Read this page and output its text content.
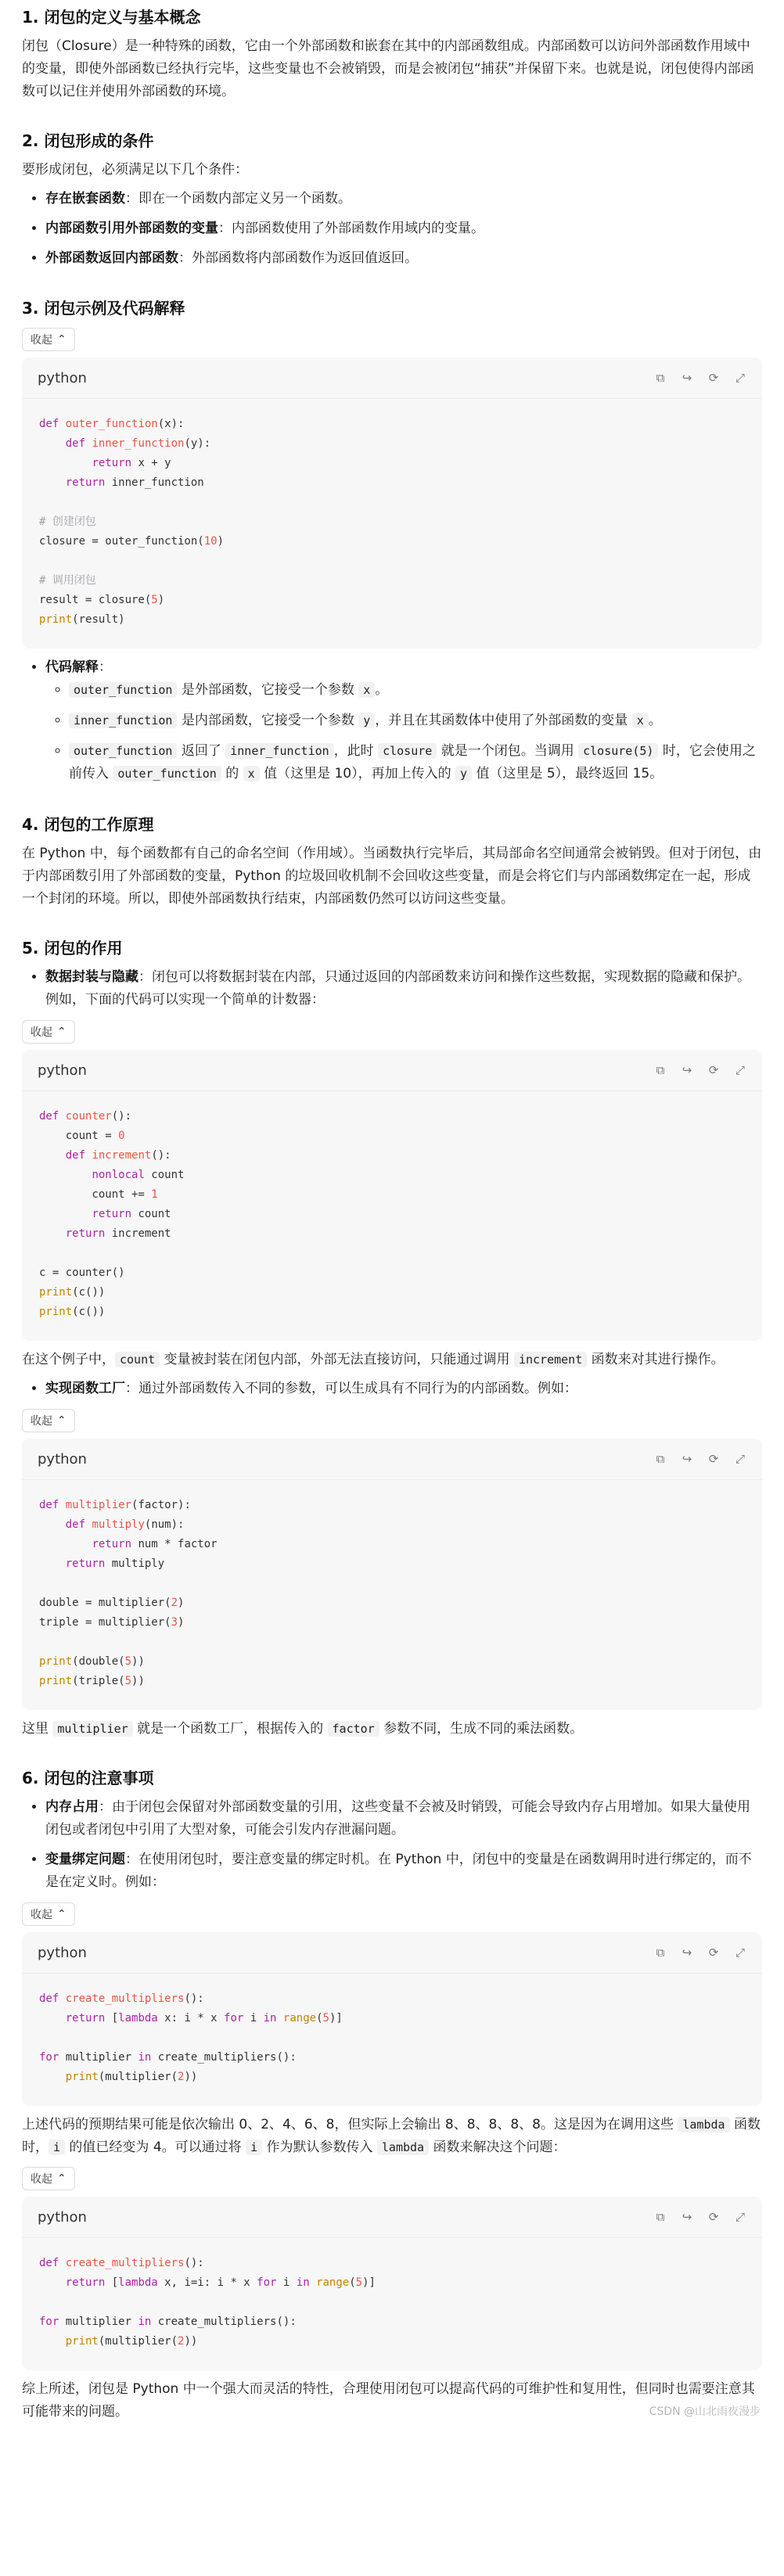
1. 闭包的定义与基本概念

闭包（Closure）是一种特殊的函数，它由一个外部函数和嵌套在其中的内部函数组成。内部函数可以访问外部函数作用域中的变量，即使外部函数已经执行完毕，这些变量也不会被销毁，而是会被闭包“捕获”并保留下来。也就是说，闭包使得内部函数可以记住并使用外部函数的环境。

2. 闭包形成的条件

要形成闭包，必须满足以下几个条件：

• 存在嵌套函数：即在一个函数内部定义另一个函数。
• 内部函数引用外部函数的变量：内部函数使用了外部函数作用域内的变量。
• 外部函数返回内部函数：外部函数将内部函数作为返回值返回。
3. 闭包示例及代码解释
收起 ⌃
python	⧉ ↪ ⟳ ⤢
def outer_function(x):
def inner_function(y):
return x + y
return inner_function

# 创建闭包
closure = outer_function(10)

# 调用闭包
result = closure(5)
print(result)
• 代码解释：
◦ outer_function 是外部函数，它接受一个参数 x 。
◦ inner_function 是内部函数，它接受一个参数 y ，并且在其函数体中使用了外部函数的变量 x 。
◦ outer_function 返回了 inner_function ，此时 closure 就是一个闭包。当调用 closure(5) 时，它会使用之前传入 outer_function 的 x 值（这里是 10），再加上传入的 y 值（这里是 5），最终返回 15。
4. 闭包的工作原理

在 Python 中，每个函数都有自己的命名空间（作用域）。当函数执行完毕后，其局部命名空间通常会被销毁。但对于闭包，由于内部函数引用了外部函数的变量，Python 的垃圾回收机制不会回收这些变量，而是会将它们与内部函数绑定在一起，形成一个封闭的环境。所以，即使外部函数执行结束，内部函数仍然可以访问这些变量。

5. 闭包的作用
• 数据封装与隐藏：闭包可以将数据封装在内部，只通过返回的内部函数来访问和操作这些数据，实现数据的隐藏和保护。例如，下面的代码可以实现一个简单的计数器：
收起 ⌃
python	⧉ ↪ ⟳ ⤢
def counter():
count = 0
def increment():
nonlocal count
count += 1
return count
return increment

c = counter()
print(c())
print(c())

在这个例子中， count 变量被封装在闭包内部，外部无法直接访问，只能通过调用 increment 函数来对其进行操作。

• 实现函数工厂：通过外部函数传入不同的参数，可以生成具有不同行为的内部函数。例如：
收起 ⌃
python	⧉ ↪ ⟳ ⤢
def multiplier(factor):
def multiply(num):
return num * factor
return multiply

double = multiplier(2)
triple = multiplier(3)

print(double(5))
print(triple(5))

这里 multiplier 就是一个函数工厂，根据传入的 factor 参数不同，生成不同的乘法函数。

6. 闭包的注意事项
• 内存占用：由于闭包会保留对外部函数变量的引用，这些变量不会被及时销毁，可能会导致内存占用增加。如果大量使用闭包或者闭包中引用了大型对象，可能会引发内存泄漏问题。
• 变量绑定问题：在使用闭包时，要注意变量的绑定时机。在 Python 中，闭包中的变量是在函数调用时进行绑定的，而不是在定义时。例如：
收起 ⌃
python	⧉ ↪ ⟳ ⤢
def create_multipliers():
return [lambda x: i * x for i in range(5)]

for multiplier in create_multipliers():
print(multiplier(2))

上述代码的预期结果可能是依次输出 0、2、4、6、8，但实际上会输出 8、8、8、8、8。这是因为在调用这些 lambda 函数时， i 的值已经变为 4。可以通过将 i 作为默认参数传入 lambda 函数来解决这个问题：

收起 ⌃
python	⧉ ↪ ⟳ ⤢
def create_multipliers():
return [lambda x, i=i: i * x for i in range(5)]

for multiplier in create_multipliers():
print(multiplier(2))

综上所述，闭包是 Python 中一个强大而灵活的特性，合理使用闭包可以提高代码的可维护性和复用性，但同时也需要注意其可能带来的问题。	CSDN @山北雨夜漫步
